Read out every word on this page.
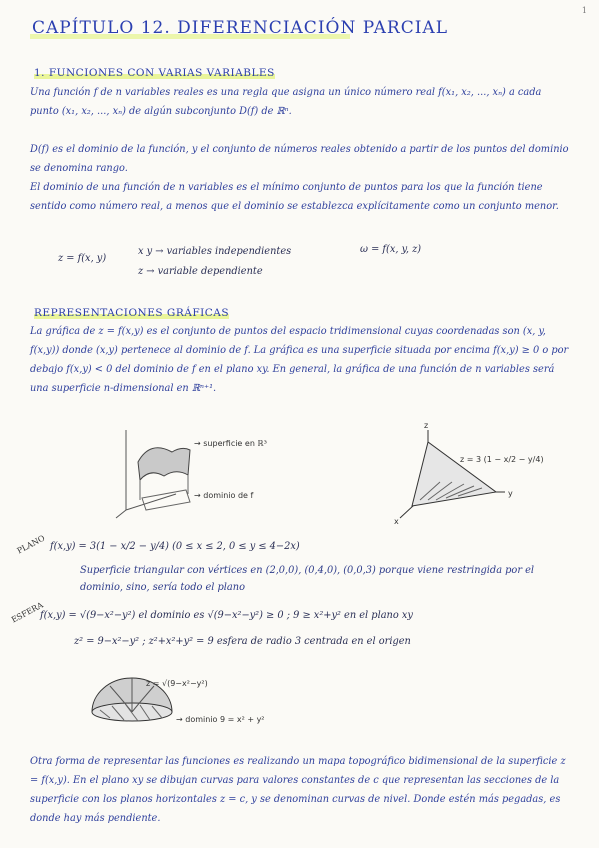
1
CAPÍTULO 12. DIFERENCIACIÓN PARCIAL
1. FUNCIONES CON VARIAS VARIABLES
Una función f de n variables reales es una regla que asigna un único número real f(x₁, x₂, ..., xₙ) a cada punto (x₁, x₂, ..., xₙ) de algún subconjunto D(f) de ℝⁿ.
D(f) es el dominio de la función, y el conjunto de números reales obtenido a partir de los puntos del dominio se denomina rango.
El dominio de una función de n variables es el mínimo conjunto de puntos para los que la función tiene sentido como número real, a menos que el dominio se establezca explícitamente como un conjunto menor.
z = f(x, y)
x y → variables independientes
z → variable dependiente
ω = f(x, y, z)
REPRESENTACIONES GRÁFICAS
La gráfica de z = f(x,y) es el conjunto de puntos del espacio tridimensional cuyas coordenadas son (x, y, f(x,y)) donde (x,y) pertenece al dominio de f. La gráfica es una superficie situada por encima f(x,y) ≥ 0 o por debajo f(x,y) < 0 del dominio de f en el plano xy. En general, la gráfica de una función de n variables será una superficie n-dimensional en ℝⁿ⁺¹.
→ superficie en ℝ³
→ dominio de f
z
y
x
z = 3 (1 − x/2 − y/4)
PLANO f(x,y) = 3(1 − x/2 − y/4) (0 ≤ x ≤ 2, 0 ≤ y ≤ 4−2x)
Superficie triangular con vértices en (2,0,0), (0,4,0), (0,0,3) porque viene restringida por el dominio, sino, sería todo el plano
ESFERA
f(x,y) = √(9−x²−y²) el dominio es √(9−x²−y²) ≥ 0 ; 9 ≥ x²+y² en el plano xy
z² = 9−x²−y² ; z²+x²+y² = 9 esfera de radio 3 centrada en el origen
z = √(9−x²−y²)
→ dominio 9 = x² + y²
Otra forma de representar las funciones es realizando un mapa topográfico bidimensional de la superficie z = f(x,y). En el plano xy se dibujan curvas para valores constantes de c que representan las secciones de la superficie con los planos horizontales z = c, y se denominan curvas de nivel. Donde estén más pegadas, es donde hay más pendiente.
